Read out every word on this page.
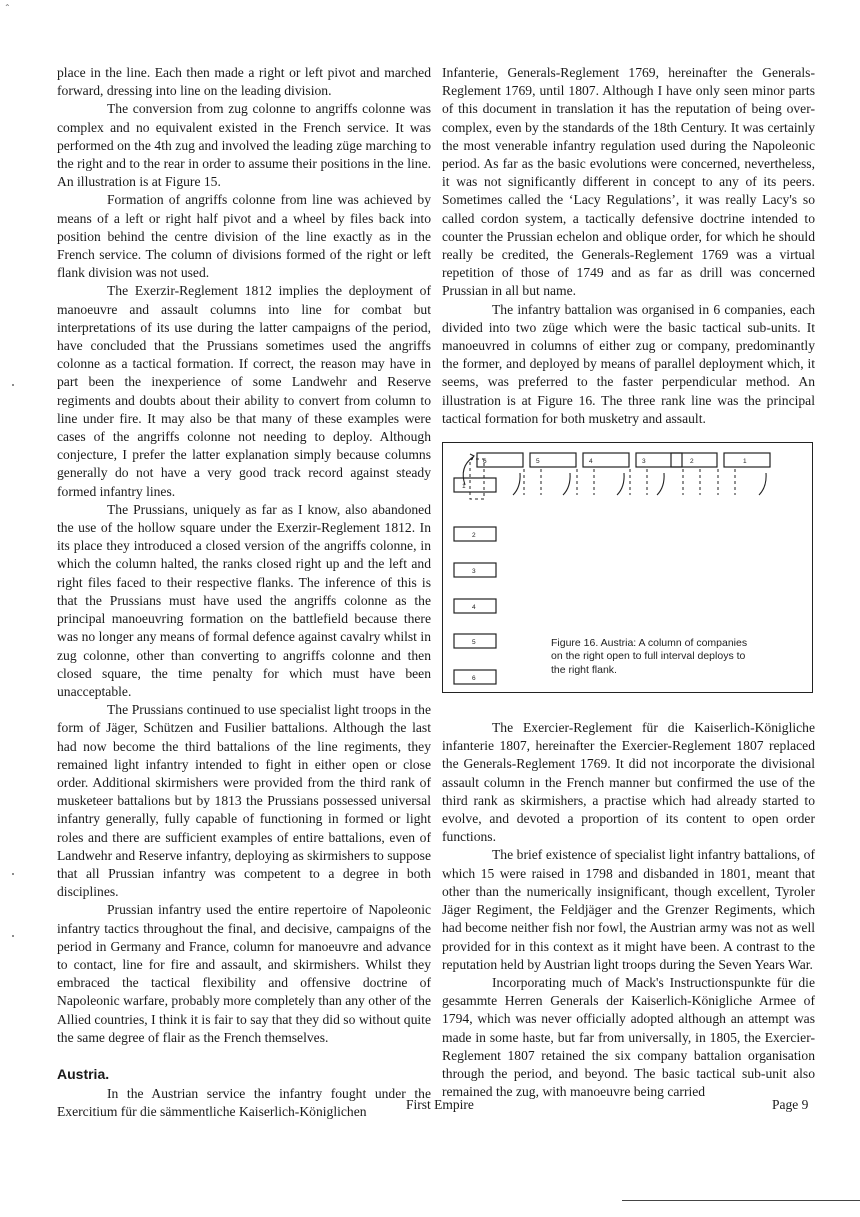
⌃

place in the line. Each then made a right or left pivot and marched forward, dressing into line on the leading division.

The conversion from zug colonne to angriffs colonne was complex and no equivalent existed in the French service. It was performed on the 4th zug and involved the leading züge marching to the right and to the rear in order to assume their positions in the line. An illustration is at Figure 15.

Formation of angriffs colonne from line was achieved by means of a left or right half pivot and a wheel by files back into position behind the centre division of the line exactly as in the French service. The column of divisions formed of the right or left flank division was not used.

The Exerzir-Reglement 1812 implies the deployment of manoeuvre and assault columns into line for combat but interpretations of its use during the latter campaigns of the period, have concluded that the Prussians sometimes used the angriffs colonne as a tactical formation. If correct, the reason may have in part been the inexperience of some Landwehr and Reserve regiments and doubts about their ability to convert from column to line under fire. It may also be that many of these examples were cases of the angriffs colonne not needing to deploy. Although conjecture, I prefer the latter explanation simply because columns generally do not have a very good track record against steady formed infantry lines.

The Prussians, uniquely as far as I know, also abandoned the use of the hollow square under the Exerzir-Reglement 1812. In its place they introduced a closed version of the angriffs colonne, in which the column halted, the ranks closed right up and the left and right files faced to their respective flanks. The inference of this is that the Prussians must have used the angriffs colonne as the principal manoeuvring formation on the battlefield because there was no longer any means of formal defence against cavalry whilst in zug colonne, other than converting to angriffs colonne and then closed square, the time penalty for which must have been unacceptable.

The Prussians continued to use specialist light troops in the form of Jäger, Schützen and Fusilier battalions. Although the last had now become the third battalions of the line regiments, they remained light infantry intended to fight in either open or close order. Additional skirmishers were provided from the third rank of musketeer battalions but by 1813 the Prussians possessed universal infantry generally, fully capable of functioning in formed or light roles and there are sufficient examples of entire battalions, even of Landwehr and Reserve infantry, deploying as skirmishers to suppose that all Prussian infantry was competent to a degree in both disciplines.

Prussian infantry used the entire repertoire of Napoleonic infantry tactics throughout the final, and decisive, campaigns of the period in Germany and France, column for manoeuvre and advance to contact, line for fire and assault, and skirmishers. Whilst they embraced the tactical flexibility and offensive doctrine of Napoleonic warfare, probably more completely than any other of the Allied countries, I think it is fair to say that they did so without quite the same degree of flair as the French themselves.

Austria.

In the Austrian service the infantry fought under the Exercitium für die sämmentliche Kaiserlich-Königlichen

Infanterie, Generals-Reglement 1769, hereinafter the Generals-Reglement 1769, until 1807. Although I have only seen minor parts of this document in translation it has the reputation of being over-complex, even by the standards of the 18th Century. It was certainly the most venerable infantry regulation used during the Napoleonic period. As far as the basic evolutions were concerned, nevertheless, it was not significantly different in concept to any of its peers. Sometimes called the ‘Lacy Regulations’, it was really Lacy's so called cordon system, a tactically defensive doctrine intended to counter the Prussian echelon and oblique order, for which he should really be credited, the Generals-Reglement 1769 was a virtual repetition of those of 1749 and as far as drill was concerned Prussian in all but name.

The infantry battalion was organised in 6 companies, each divided into two züge which were the basic tactical sub-units. It manoeuvred in columns of either zug or company, predominantly the former, and deployed by means of parallel deployment which, it seems, was preferred to the faster perpendicular method. An illustration is at Figure 16. The three rank line was the principal tactical formation for both musketry and assault.

6	5	4	3	2	1
1
2
3
4
5
6
Figure 16. Austria: A column of companies on the right open to full interval deploys to the right flank.

The Exercier-Reglement für die Kaiserlich-Königliche infanterie 1807, hereinafter the Exercier-Reglement 1807 replaced the Generals-Reglement 1769. It did not incorporate the divisional assault column in the French manner but confirmed the use of the third rank as skirmishers, a practise which had already started to evolve, and devoted a proportion of its content to open order functions.

The brief existence of specialist light infantry battalions, of which 15 were raised in 1798 and disbanded in 1801, meant that other than the numerically insignificant, though excellent, Tyroler Jäger Regiment, the Feldjäger and the Grenzer Regiments, which had become neither fish nor fowl, the Austrian army was not as well provided for in this context as it might have been. A contrast to the reputation held by Austrian light troops during the Seven Years War.

Incorporating much of Mack's Instructionspunkte für die gesammte Herren Generals der Kaiserlich-Königliche Armee of 1794, which was never officially adopted although an attempt was made in some haste, but far from universally, in 1805, the Exercier-Reglement 1807 retained the six company battalion organisation through the period, and beyond. The basic tactical sub-unit also remained the zug, with manoeuvre being carried

First Empire	Page 9
